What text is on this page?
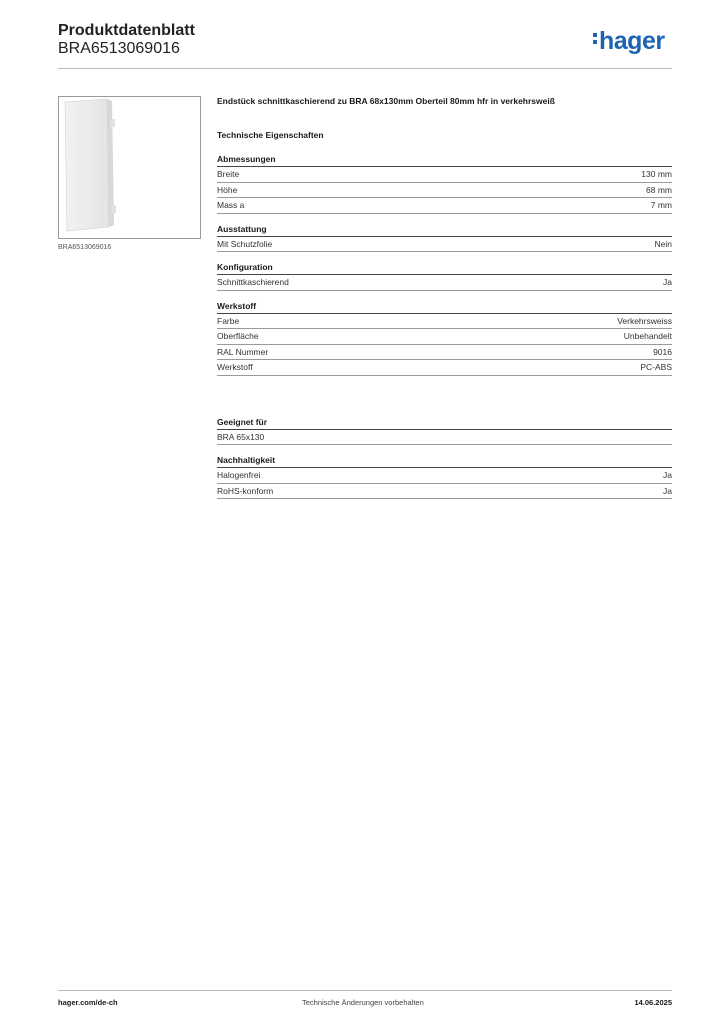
Produktdatenblatt
BRA6513069016	hager
BRA6513069016
Endstück schnittkaschierend zu BRA 68x130mm Oberteil 80mm hfr in verkehrsweiß
Technische Eigenschaften
Abmessungen
Breite	130 mm
Höhe	68 mm
Mass a	7 mm
Ausstattung
Mit Schutzfolie	Nein
Konfiguration
Schnittkaschierend	Ja
Werkstoff
Farbe	Verkehrsweiss
Oberfläche	Unbehandelt
RAL Nummer	9016
Werkstoff	PC-ABS
Geeignet für
BRA 65x130
Nachhaltigkeit
Halogenfrei	Ja
RoHS-konform	Ja
hager.com/de-ch	Technische Änderungen vorbehalten	14.06.2025
